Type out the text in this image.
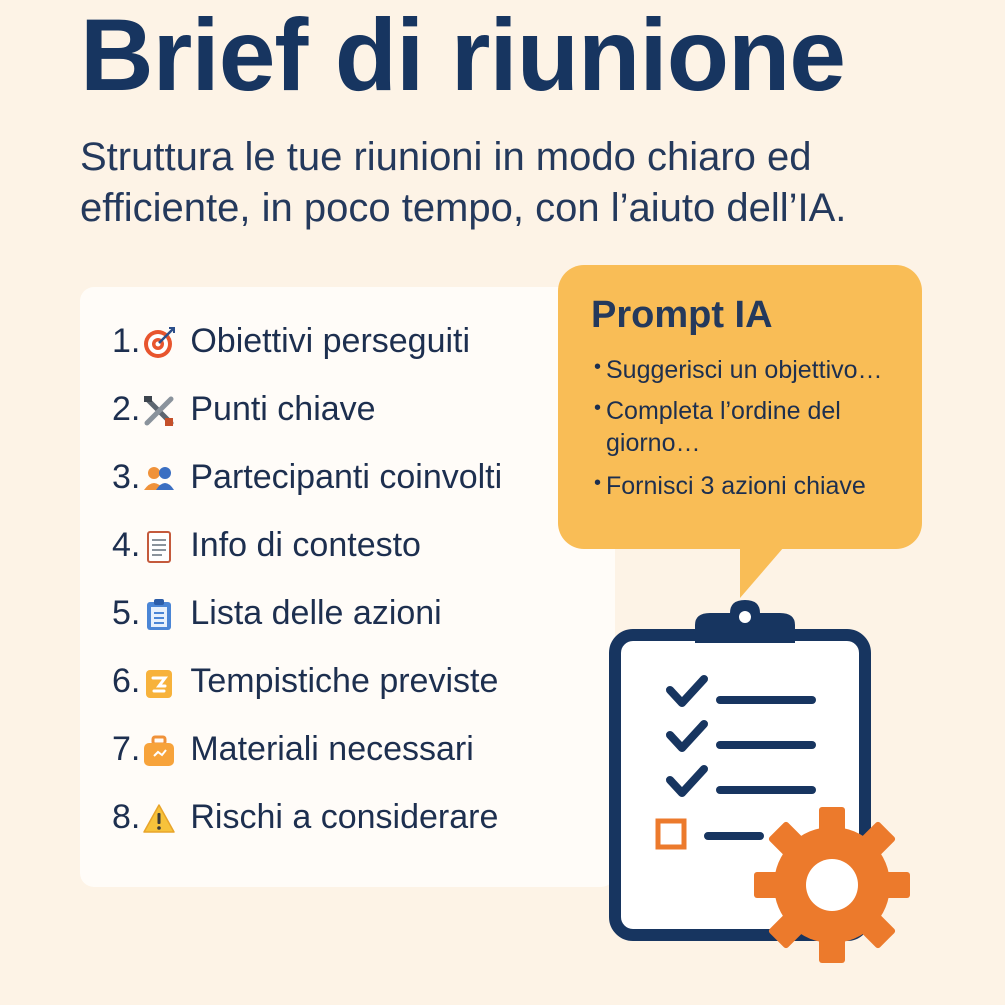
Brief di riunione

Struttura le tue riunioni in modo chiaro ed efficiente, in poco tempo, con l’aiuto dell’IA.

1. Obiettivi perseguiti
2. Punti chiave
3. Partecipanti coinvolti
4. Info di contesto
5. Lista delle azioni
6. Tempistiche previste
7. Materiali necessari
8. Rischi a considerare
Prompt IA
• Suggerisci un objettivo…
• Completa l’ordine del giorno…
• Fornisci 3 azioni chiave
